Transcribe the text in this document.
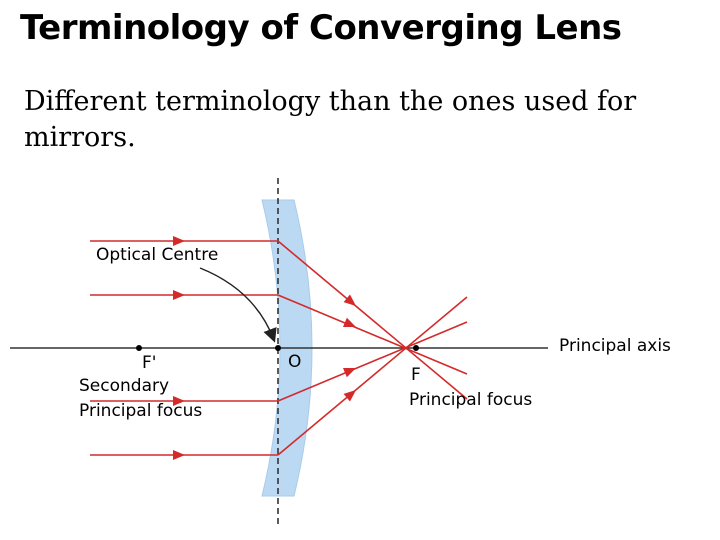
Terminology of Converging Lens
Different terminology than the ones used for mirrors.
Optical Centre
F'
Secondary
Principal focus
O
F
Principal focus
Principal axis
